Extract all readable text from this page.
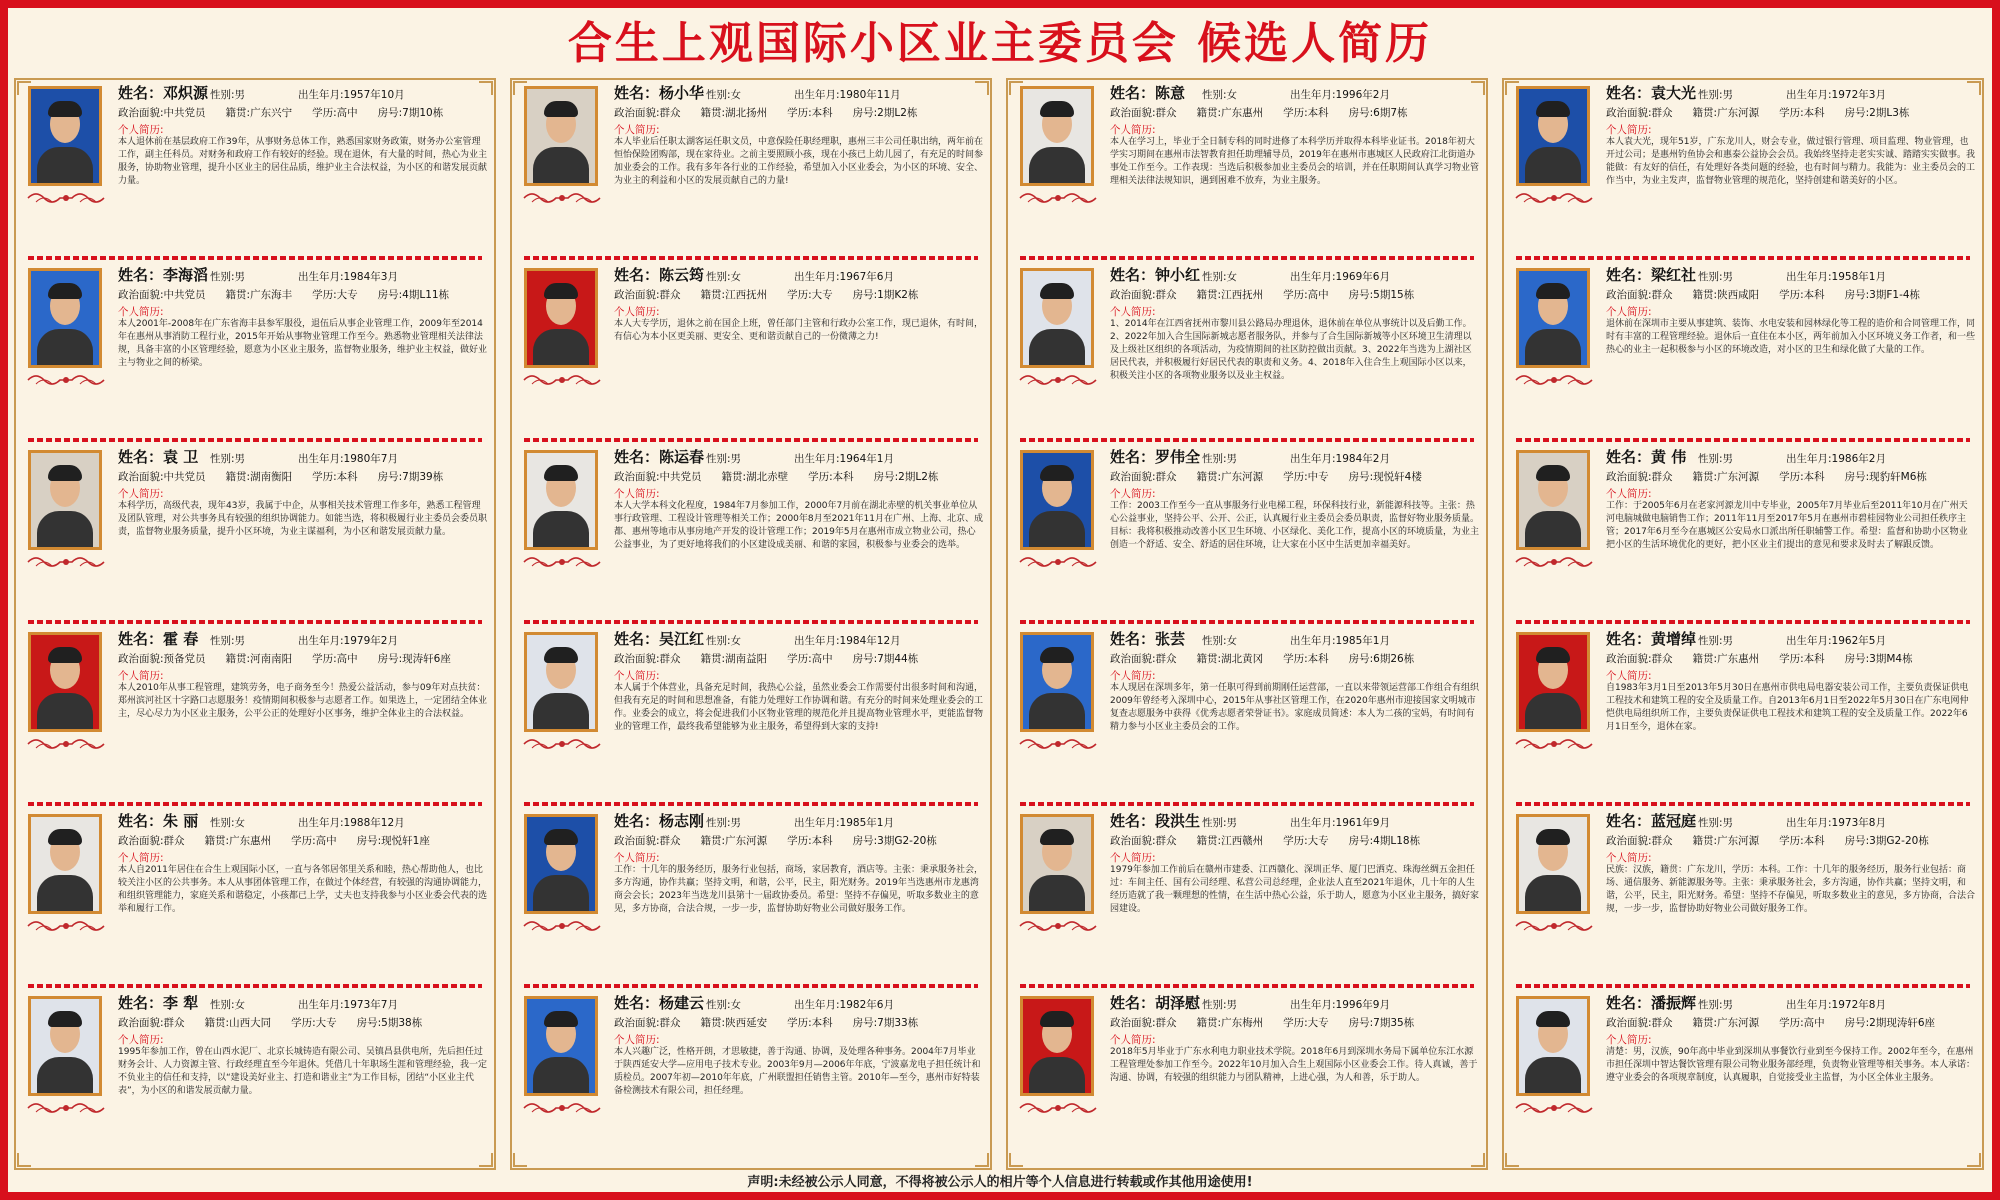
合生上观国际小区业主委员会 候选人简历
姓名：邓炽源 性别:男	出生年月:1957年10月
政治面貌:中共党员 籍贯:广东兴宁 学历:高中 房号:7期10栋
个人简历:
本人退休前在基层政府工作39年，从事财务总体工作，熟悉国家财务政策，财务办公室管理工作，副主任科员。对财务和政府工作有较好的经验。现在退休，有大量的时间，热心为业主服务，协助物业管理，提升小区业主的居住品质，维护业主合法权益，为小区的和谐发展贡献力量。
姓名：李海滔 性别:男	出生年月:1984年3月
政治面貌:中共党员 籍贯:广东海丰 学历:大专 房号:4期L11栋
个人简历:
本人2001年-2008年在广东省海丰县参军服役，退伍后从事企业管理工作，2009年至2014年在惠州从事消防工程行业，2015年开始从事物业管理工作至今。熟悉物业管理相关法律法规，具备丰富的小区管理经验，愿意为小区业主服务，监督物业服务，维护业主权益，做好业主与物业之间的桥梁。
姓名：袁 卫	性别:男	出生年月:1980年7月
政治面貌:中共党员 籍贯:湖南衡阳 学历:本科 房号:7期39栋
个人简历:
本科学历，高级代表，现年43岁，我属于中企，从事相关技术管理工作多年，熟悉工程管理及团队管理，对公共事务具有较强的组织协调能力。如能当选，将积极履行业主委员会委员职责，监督物业服务质量，提升小区环境，为业主谋福利，为小区和谐发展贡献力量。
姓名：霍 春	性别:男	出生年月:1979年2月
政治面貌:预备党员 籍贯:河南南阳 学历:高中 房号:现涛轩6座
个人简历:
本人2010年从事工程管理，建筑劳务，电子商务至今！热爱公益活动，参与09年对点扶贫：郑州滨河社区十字路口志愿服务！疫情期间积极参与志愿者工作。如果选上，一定团结全体业主，尽心尽力为小区业主服务，公平公正的处理好小区事务，维护全体业主的合法权益。
姓名：朱 丽	性别:女	出生年月:1988年12月
政治面貌:群众 籍贯:广东惠州 学历:高中 房号:现悦轩1座
个人简历:
本人自2011年居住在合生上观国际小区，一直与各邻居邻里关系和睦，热心帮助他人，也比较关注小区的公共事务。本人从事团体管理工作，在做过个体经营，有较强的沟通协调能力，和组织管理能力，家庭关系和谐稳定，小孩都已上学，丈夫也支持我参与小区业委会代表的选举和履行工作。
姓名：李 犁	性别:女	出生年月:1973年7月
政治面貌:群众 籍贯:山西大同 学历:大专 房号:5期38栋
个人简历:
1995年参加工作，曾在山西水泥厂、北京长城铸造有限公司、吴镇昌县供电所，先后担任过财务会计、人力资源主管、行政经理直至今年退休。凭借几十年职场生涯和管理经验，我一定不负业主的信任和支持，以“建设美好业主、打造和谐业主”为工作目标，团结“小区业主代表”，为小区的和谐发展贡献力量。
姓名：杨小华 性别:女	出生年月:1980年11月
政治面貌:群众 籍贯:湖北扬州 学历:本科 房号:2期L2栋
个人简历:
本人毕业后任职太湖客运任职文员，中意保险任职经理职，惠州三丰公司任职出纳，两年前在恒怡保险团购部，现在家待业。之前主要照顾小孩，现在小孩已上幼儿园了，有充足的时间参加业委会的工作。我有多年各行业的工作经验，希望加入小区业委会，为小区的环境、安全、为业主的利益和小区的发展贡献自己的力量!
姓名：陈云筠 性别:女	出生年月:1967年6月
政治面貌:群众 籍贯:江西抚州 学历:大专 房号:1期K2栋
个人简历:
本人大专学历，退休之前在国企上班，曾任部门主管和行政办公室工作，现已退休，有时间，有信心为本小区更美丽、更安全、更和谐贡献自己的一份微薄之力!
姓名：陈运春 性别:男	出生年月:1964年1月
政治面貌:中共党员 籍贯:湖北赤壁 学历:本科 房号:2期L2栋
个人简历:
本人大学本科文化程度，1984年7月参加工作，2000年7月前在湖北赤壁的机关事业单位从事行政管理、工程设计管理等相关工作；2000年8月至2021年11月在广州、上海、北京、成都、惠州等地市从事房地产开发的设计管理工作；2019年5月在惠州市成立物业公司，热心公益事业，为了更好地将我们的小区建设成美丽、和谐的家园，积极参与业委会的选举。
姓名：吴江红 性别:女	出生年月:1984年12月
政治面貌:群众 籍贯:湖南益阳 学历:高中 房号:7期44栋
个人简历:
本人属于个体营业，具备充足时间，我热心公益，虽然业委会工作需要付出很多时间和沟通，但我有充足的时间和思想准备，有能力处理好工作协调和谐。有充分的时间来处理业委会的工作。业委会的成立，将会促进我们小区物业管理的规范化并且提高物业管理水平，更能监督物业的管理工作，最终我希望能够为业主服务，希望得到大家的支持!
姓名：杨志刚 性别:男	出生年月:1985年1月
政治面貌:群众 籍贯:广东河源 学历:本科 房号:3期G2-20栋
个人简历:
工作：十几年的服务经历，服务行业包括，商场，家居教育，酒店等。主张：秉承服务社会，多方沟通，协作共赢；坚持文明，和谐，公平，民主，阳光财务。2019年当选惠州市龙惠湾商会会长；2023年当选龙川县第十一届政协委员。希望：坚持不存偏见，听取多数业主的意见，多方协商，合法合规，一步一步，监督协助好物业公司做好服务工作。
姓名：杨建云 性别:女	出生年月:1982年6月
政治面貌:群众 籍贯:陕西延安 学历:本科 房号:7期33栋
个人简历:
本人兴趣广泛，性格开朗，才思敏捷，善于沟通、协调，及处理各种事务。2004年7月毕业于陕西延安大学—应用电子技术专业。2003年9月—2006年年底，宁波嘉龙电子担任统计和质检员。2007年初—2010年年底，广州联盟担任销售主管。2010年—至今，惠州市好特装备检测技术有限公司，担任经理。
姓名：陈意	性别:女	出生年月:1996年2月
政治面貌:群众 籍贯:广东惠州 学历:本科 房号:6期7栋
个人简历:
本人在学习上，毕业于全日制专科的同时进修了本科学历并取得本科毕业证书。2018年初大学实习期间在惠州市法智教育担任助理辅导员，2019年在惠州市惠城区人民政府江北街道办事处工作至今。工作表现：当选后积极参加业主委员会的培训，并在任职期间认真学习物业管理相关法律法规知识，遇到困难不放弃，为业主服务。
姓名：钟小红 性别:女	出生年月:1969年6月
政治面貌:群众 籍贯:江西抚州 学历:高中 房号:5期15栋
个人简历:
1、2014年在江西省抚州市黎川县公路局办理退休，退休前在单位从事统计以及后勤工作。2、2022年加入合生国际新城志愿者服务队，并参与了合生国际新城等小区环境卫生清理以及上级社区组织的各项活动，为疫情期间的社区防控做出贡献。3、2022年当选为上湖社区居民代表，并积极履行好居民代表的职责和义务。4、2018年入住合生上观国际小区以来，积极关注小区的各项物业服务以及业主权益。
姓名：罗伟全 性别:男	出生年月:1984年2月
政治面貌:群众 籍贯:广东河源 学历:中专 房号:现悦轩4楼
个人简历:
工作：2003工作至今一直从事服务行业电梯工程，环保科技行业，新能源科技等。主张：热心公益事业，坚持公平、公开、公正，认真履行业主委员会委员职责，监督好物业服务质量。目标：我将积极推动改善小区卫生环境、小区绿化、美化工作，提高小区的环境质量，为业主创造一个舒适、安全、舒适的居住环境，让大家在小区中生活更加幸福美好。
姓名：张芸	性别:女	出生年月:1985年1月
政治面貌:群众 籍贯:湖北黄冈 学历:本科 房号:6期26栋
个人简历:
本人现居在深圳多年，第一任职可得到前期刚任运营部，一直以来带领运营部工作组合有组织2009年曾经考入深圳中心，2015年从事社区管理工作，在2020年惠州市迎接国家文明城市复查志愿服务中获得《优秀志愿者荣誉证书》。家庭成员简述：本人为二孩的宝妈，有时间有精力参与小区业主委员会的工作。
姓名：段洪生 性别:男	出生年月:1961年9月
政治面貌:群众 籍贯:江西赣州 学历:大专 房号:4期L18栋
个人简历:
1979年参加工作前后在赣州市建委、江西赣化、深圳正华、厦门巴洒克、珠海丝绸五金担任过：车间主任、国有公司经理、私营公司总经理，企业法人直至2021年退休，几十年的人生经历造就了我一颗理想的性情，在生活中热心公益，乐于助人，愿意为小区业主服务，搞好家园建设。
姓名：胡泽慰 性别:男	出生年月:1996年9月
政治面貌:群众 籍贯:广东梅州 学历:大专 房号:7期35栋
个人简历:
2018年5月毕业于广东水利电力职业技术学院。2018年6月到深圳水务局下属单位东江水源工程管理处参加工作至今。2022年10月加入合生上观国际小区业委会工作。待人真诚，善于沟通、协调，有较强的组织能力与团队精神，上进心强，为人和善，乐于助人。
姓名：袁大光 性别:男	出生年月:1972年3月
政治面貌:群众 籍贯:广东河源 学历:本科 房号:2期L3栋
个人简历:
本人袁大光，现年51岁，广东龙川人，财会专业，做过银行管理、项目监理、物业管理，也开过公司；是惠州钓鱼协会和惠泰公益协会会员。我始终坚持走老实实诚、踏踏实实做事。我能做：有友好的信任，有处理好各类问题的经验，也有时间与精力。我能为：业主委员会的工作当中，为业主发声，监督物业管理的规范化，坚持创建和谐美好的小区。
姓名：梁红社 性别:男	出生年月:1958年1月
政治面貌:群众 籍贯:陕西咸阳 学历:本科 房号:3期F1-4栋
个人简历:
退休前在深圳市主要从事建筑、装饰、水电安装和园林绿化等工程的造价和合同管理工作，同时有丰富的工程管理经验。退休后一直住在本小区，两年前加入小区环境义务工作者，和一些热心的业主一起积极参与小区的环境改造，对小区的卫生和绿化做了大量的工作。
姓名：黄 伟	性别:男	出生年月:1986年2月
政治面貌:群众 籍贯:广东河源 学历:本科 房号:现豹轩M6栋
个人简历:
工作：于2005年6月在老家河源龙川中专毕业，2005年7月毕业后至2011年10月在广州天河电脑城做电脑销售工作；2011年11月至2017年5月在惠州市碧桂园物业公司担任秩序主管；2017年6月至今在惠城区公安局水口派出所任职辅警工作。希望：监督和协助小区物业把小区的生活环境优化的更好，把小区业主们提出的意见和要求及时去了解跟反馈。
姓名：黄增绰 性别:男	出生年月:1962年5月
政治面貌:群众 籍贯:广东惠州 学历:本科 房号:3期M4栋
个人简历:
自1983年3月1日至2013年5月30日在惠州市供电局电器安装公司工作，主要负责保证供电工程技术和建筑工程的安全及质量工作。自2013年6月1日至2022年5月30日在广东电网仲恺供电局组织所工作，主要负责保证供电工程技术和建筑工程的安全及质量工作。2022年6月1日至今，退休在家。
姓名：蓝冠庭 性别:男	出生年月:1973年8月
政治面貌:群众 籍贯:广东河源 学历:本科 房号:3期G2-20栋
个人简历:
民族：汉族，籍贯：广东龙川，学历：本科。工作：十几年的服务经历，服务行业包括：商场、通信服务、新能源服务等。主张：秉承服务社会，多方沟通，协作共赢；坚持文明，和谐，公平，民主，阳光财务。希望：坚持不存偏见，听取多数业主的意见，多方协商，合法合规，一步一步，监督协助好物业公司做好服务工作。
姓名：潘振辉 性别:男	出生年月:1972年8月
政治面貌:群众 籍贯:广东河源 学历:高中 房号:2期现涛轩6座
个人简历:
清楚：男，汉族，90年高中毕业到深圳从事餐饮行业到至今保持工作。2002年至今，在惠州市担任深圳中智达餐饮管理有限公司物业服务部经理，负责物业管理等相关事务。本人承诺：遵守业委会的各项规章制度，认真履职，自觉接受业主监督，为小区全体业主服务。
声明:未经被公示人同意，不得将被公示人的相片等个人信息进行转载或作其他用途使用!
